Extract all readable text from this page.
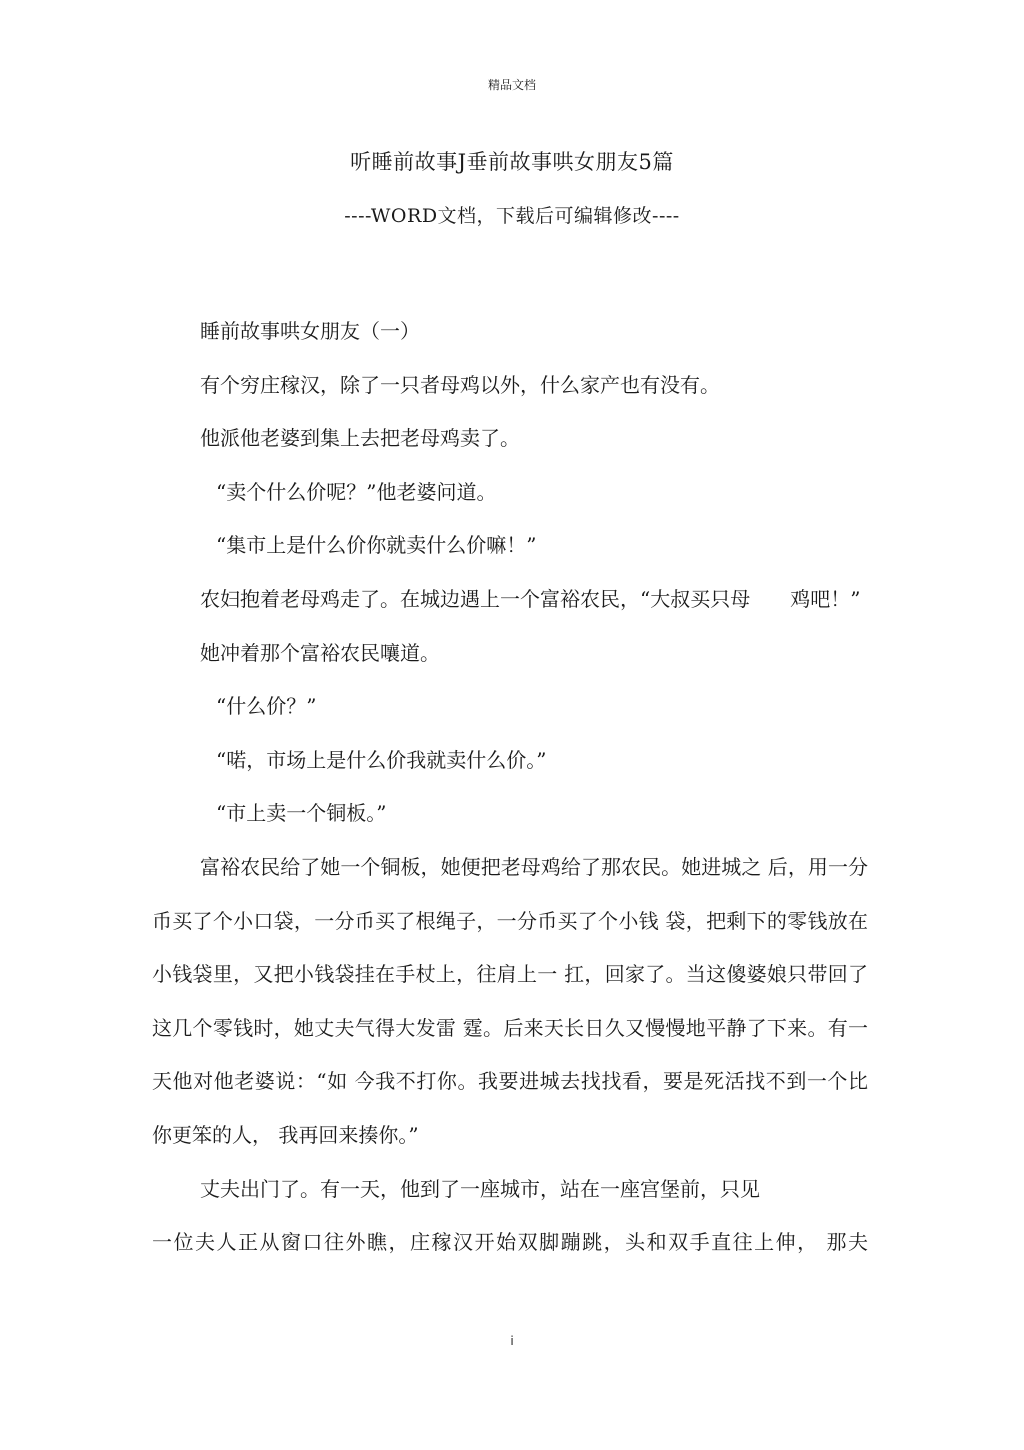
精品文档
听睡前故事J垂前故事哄女朋友5篇
----WORD文档，下载后可编辑修改----

睡前故事哄女朋友（一）

有个穷庄稼汉，除了一只者母鸡以外，什么家产也有没有。

他派他老婆到集上去把老母鸡卖了。

“卖个什么价呢？”他老婆问道。

“集市上是什么价你就卖什么价嘛！”

农妇抱着老母鸡走了。在城边遇上一个富裕农民，“大叔买只母　　鸡吧！”

她冲着那个富裕农民嚷道。

“什么价？”

“喏，市场上是什么价我就卖什么价。”

“市上卖一个铜板。”

富裕农民给了她一个铜板，她便把老母鸡给了那农民。她进城之 后，用一分币买了个小口袋，一分币买了根绳子，一分币买了个小钱 袋，把剩下的零钱放在小钱袋里，又把小钱袋挂在手杖上，往肩上一 扛，回家了。当这傻婆娘只带回了这几个零钱时，她丈夫气得大发雷 霆。后来天长日久又慢慢地平静了下来。有一天他对他老婆说：“如 今我不打你。我要进城去找找看，要是死活找不到一个比你更笨的人， 我再回来揍你。”

丈夫出门了。有一天，他到了一座城市，站在一座宫堡前，只见

一位夫人正从窗口往外瞧，庄稼汉开始双脚蹦跳，头和双手直往上伸， 那夫

i
